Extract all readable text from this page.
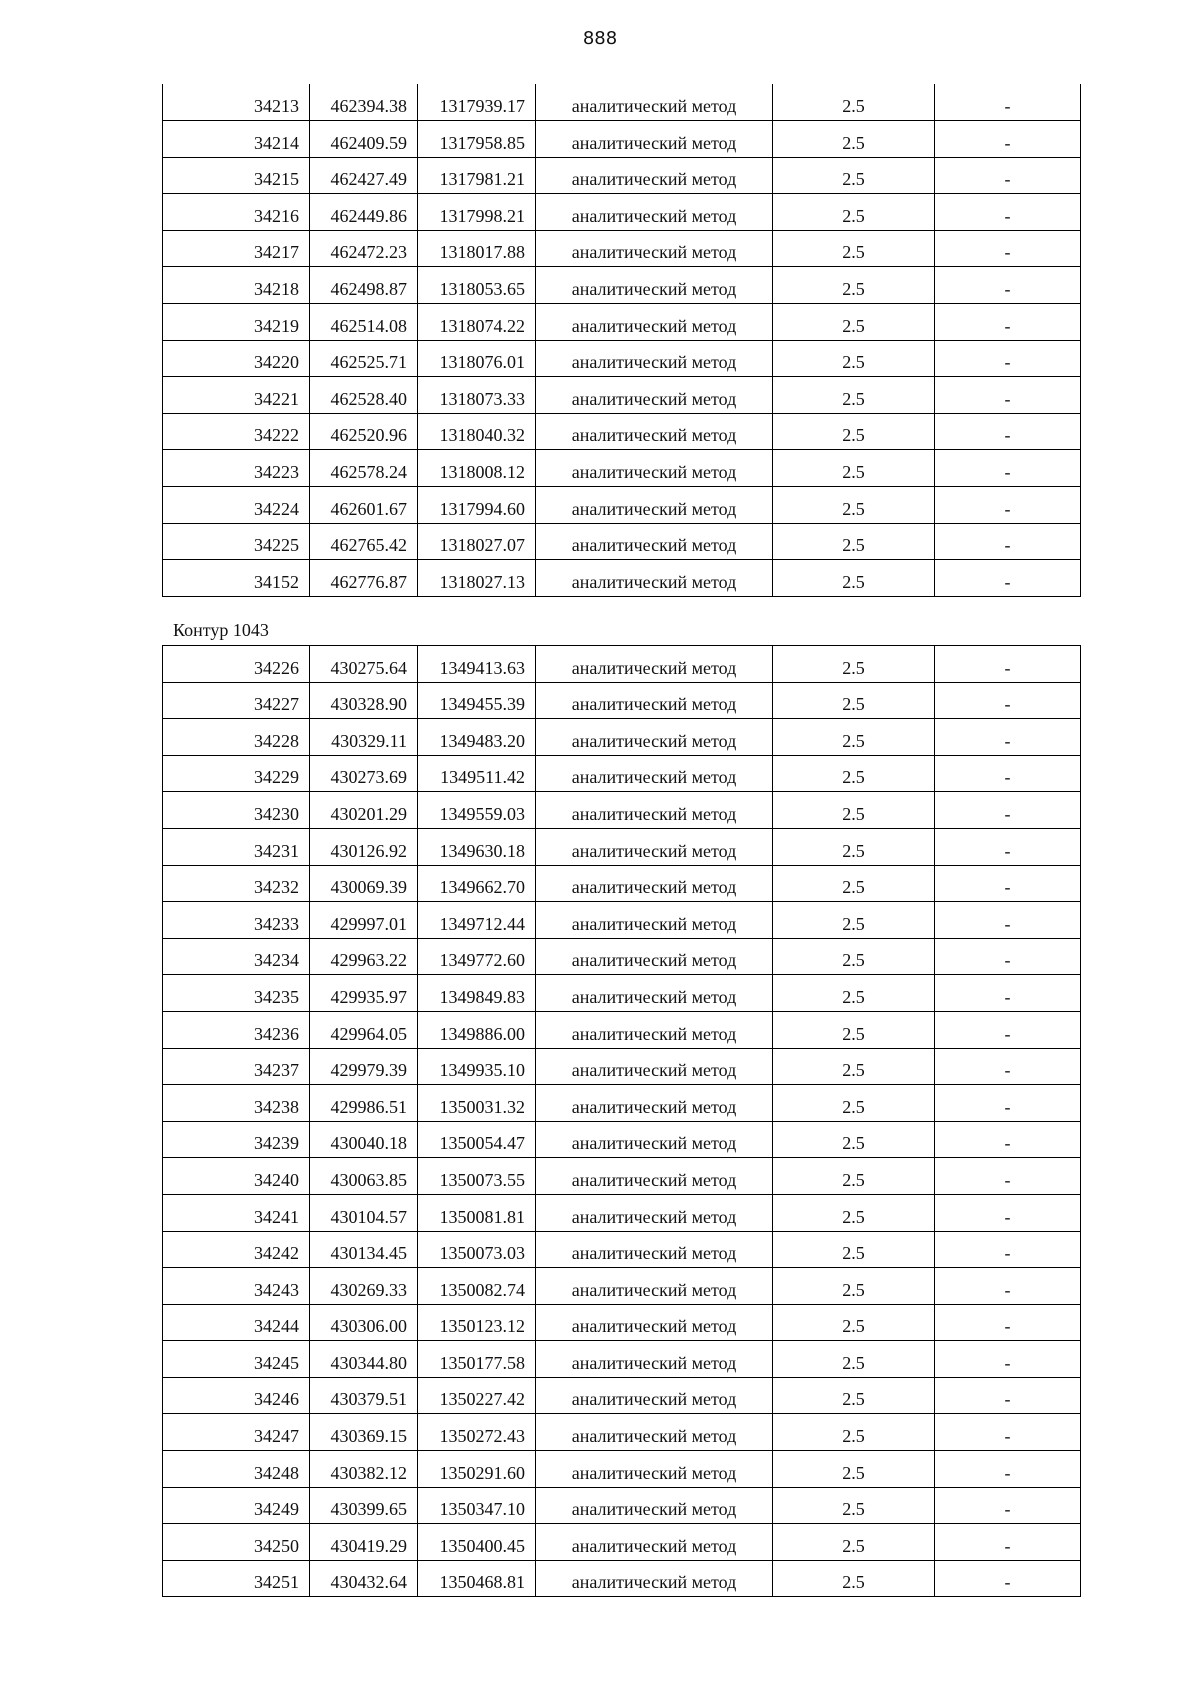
888
34213	462394.38	1317939.17	аналитический метод	2.5	-
34214	462409.59	1317958.85	аналитический метод	2.5	-
34215	462427.49	1317981.21	аналитический метод	2.5	-
34216	462449.86	1317998.21	аналитический метод	2.5	-
34217	462472.23	1318017.88	аналитический метод	2.5	-
34218	462498.87	1318053.65	аналитический метод	2.5	-
34219	462514.08	1318074.22	аналитический метод	2.5	-
34220	462525.71	1318076.01	аналитический метод	2.5	-
34221	462528.40	1318073.33	аналитический метод	2.5	-
34222	462520.96	1318040.32	аналитический метод	2.5	-
34223	462578.24	1318008.12	аналитический метод	2.5	-
34224	462601.67	1317994.60	аналитический метод	2.5	-
34225	462765.42	1318027.07	аналитический метод	2.5	-
34152	462776.87	1318027.13	аналитический метод	2.5	-
Контур 1043
34226	430275.64	1349413.63	аналитический метод	2.5	-
34227	430328.90	1349455.39	аналитический метод	2.5	-
34228	430329.11	1349483.20	аналитический метод	2.5	-
34229	430273.69	1349511.42	аналитический метод	2.5	-
34230	430201.29	1349559.03	аналитический метод	2.5	-
34231	430126.92	1349630.18	аналитический метод	2.5	-
34232	430069.39	1349662.70	аналитический метод	2.5	-
34233	429997.01	1349712.44	аналитический метод	2.5	-
34234	429963.22	1349772.60	аналитический метод	2.5	-
34235	429935.97	1349849.83	аналитический метод	2.5	-
34236	429964.05	1349886.00	аналитический метод	2.5	-
34237	429979.39	1349935.10	аналитический метод	2.5	-
34238	429986.51	1350031.32	аналитический метод	2.5	-
34239	430040.18	1350054.47	аналитический метод	2.5	-
34240	430063.85	1350073.55	аналитический метод	2.5	-
34241	430104.57	1350081.81	аналитический метод	2.5	-
34242	430134.45	1350073.03	аналитический метод	2.5	-
34243	430269.33	1350082.74	аналитический метод	2.5	-
34244	430306.00	1350123.12	аналитический метод	2.5	-
34245	430344.80	1350177.58	аналитический метод	2.5	-
34246	430379.51	1350227.42	аналитический метод	2.5	-
34247	430369.15	1350272.43	аналитический метод	2.5	-
34248	430382.12	1350291.60	аналитический метод	2.5	-
34249	430399.65	1350347.10	аналитический метод	2.5	-
34250	430419.29	1350400.45	аналитический метод	2.5	-
34251	430432.64	1350468.81	аналитический метод	2.5	-
